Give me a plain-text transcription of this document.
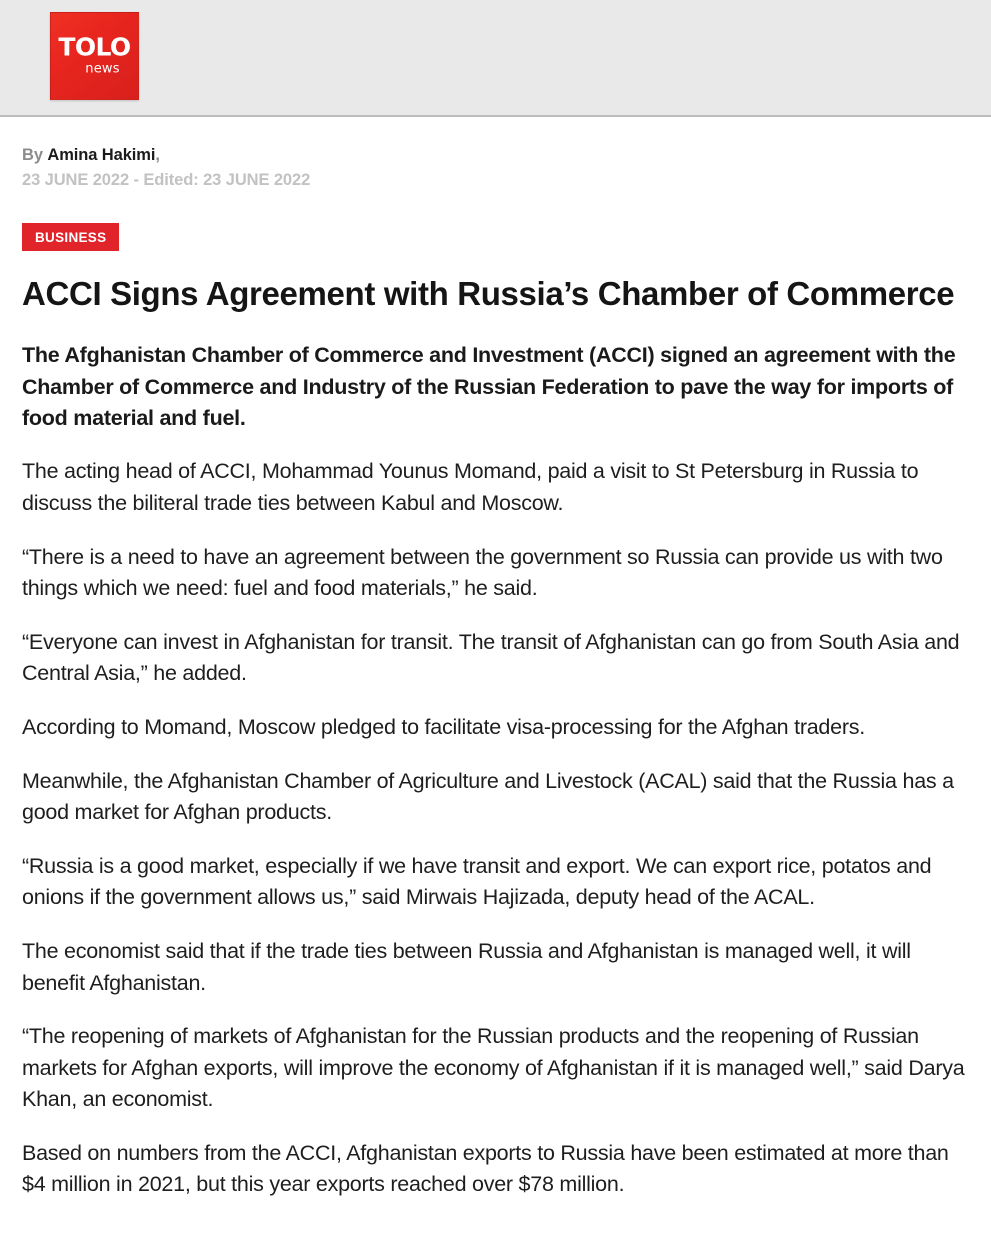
TOLO
news
By Amina Hakimi,
23 JUNE 2022 - Edited: 23 JUNE 2022
BUSINESS
ACCI Signs Agreement with Russia’s Chamber of Commerce

The Afghanistan Chamber of Commerce and Investment (ACCI) signed an agreement with the Chamber of Commerce and Industry of the Russian Federation to pave the way for imports of food material and fuel.

The acting head of ACCI, Mohammad Younus Momand, paid a visit to St Petersburg in Russia to discuss the biliteral trade ties between Kabul and Moscow.

“There is a need to have an agreement between the government so Russia can provide us with two things which we need: fuel and food materials,” he said.

“Everyone can invest in Afghanistan for transit. The transit of Afghanistan can go from South Asia and Central Asia,” he added.

According to Momand, Moscow pledged to facilitate visa-processing for the Afghan traders.

Meanwhile, the Afghanistan Chamber of Agriculture and Livestock (ACAL) said that the Russia has a good market for Afghan products.

“Russia is a good market, especially if we have transit and export. We can export rice, potatos and onions if the government allows us,” said Mirwais Hajizada, deputy head of the ACAL.

The economist said that if the trade ties between Russia and Afghanistan is managed well, it will benefit Afghanistan.

“The reopening of markets of Afghanistan for the Russian products and the reopening of Russian markets for Afghan exports, will improve the economy of Afghanistan if it is managed well,” said Darya Khan, an economist.

Based on numbers from the ACCI, Afghanistan exports to Russia have been estimated at more than $4 million in 2021, but this year exports reached over $78 million.
